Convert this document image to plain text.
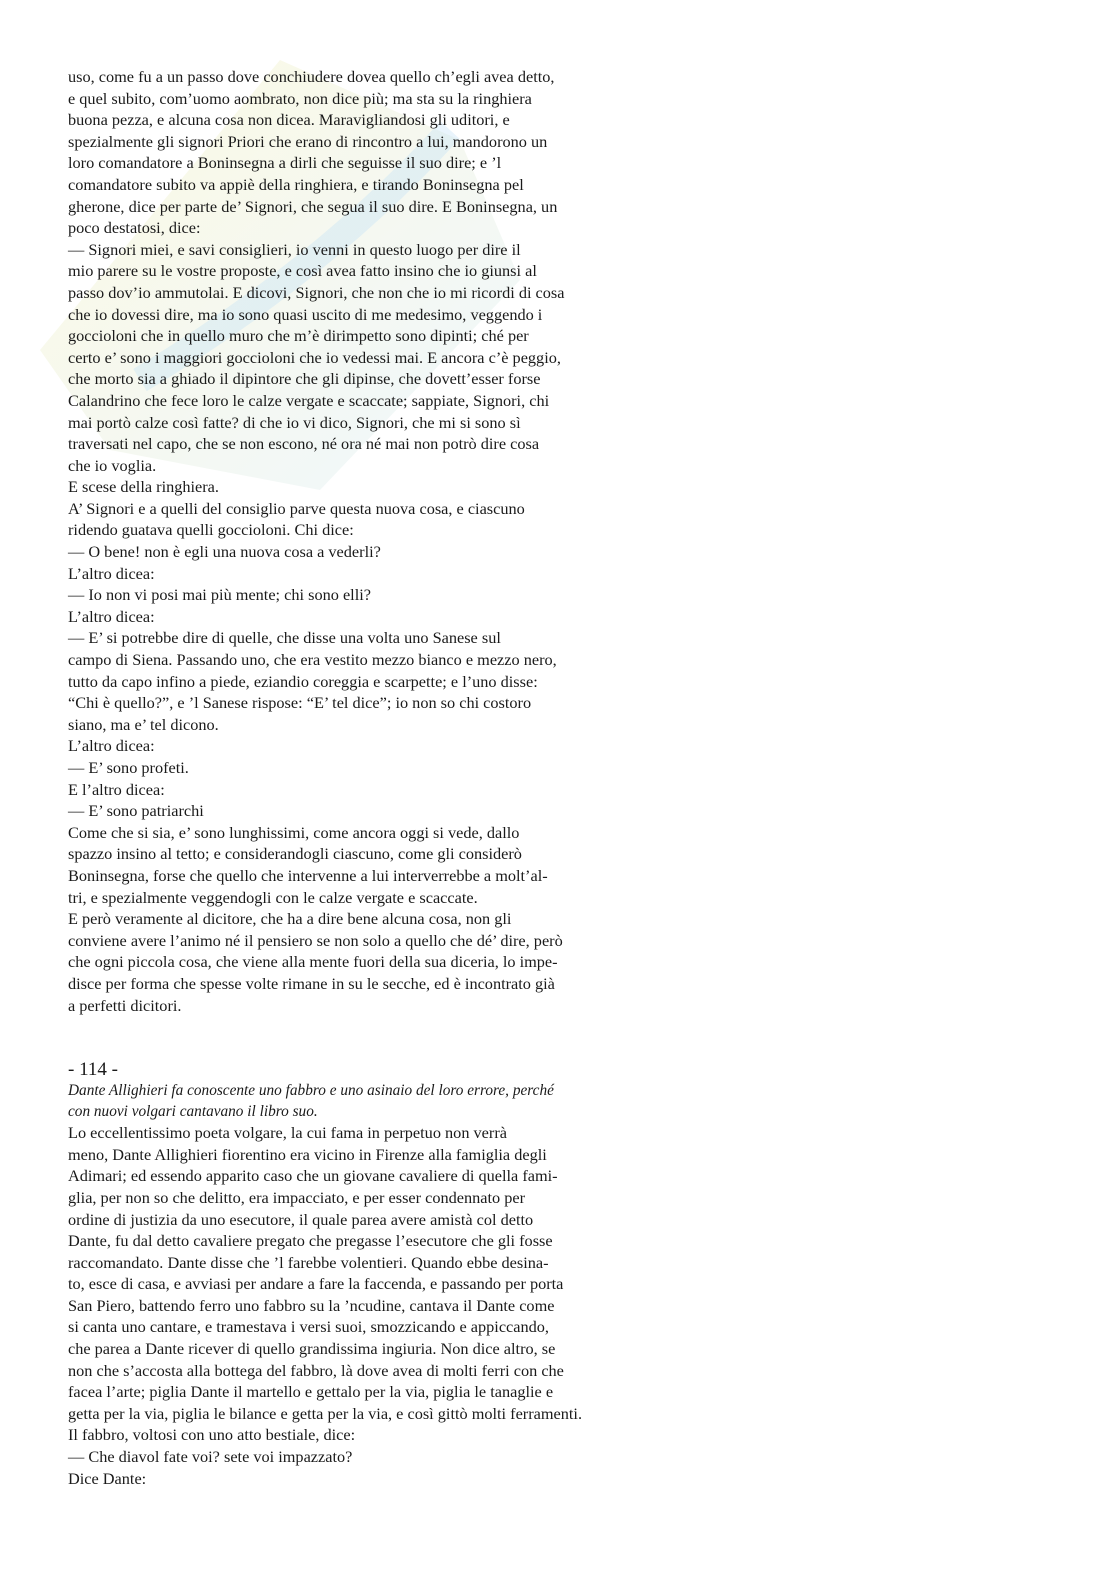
uso, come fu a un passo dove conchiudere dovea quello ch’egli avea detto,
e quel subito, com’uomo aombrato, non dice più; ma sta su la ringhiera
buona pezza, e alcuna cosa non dicea. Maravigliandosi gli uditori, e
spezialmente gli signori Priori che erano di rincontro a lui, mandorono un
loro comandatore a Boninsegna a dirli che seguisse il suo dire; e ’l
comandatore subito va appiè della ringhiera, e tirando Boninsegna pel
gherone, dice per parte de’ Signori, che segua il suo dire. E Boninsegna, un
poco destatosi, dice:
— Signori miei, e savi consiglieri, io venni in questo luogo per dire il
mio parere su le vostre proposte, e così avea fatto insino che io giunsi al
passo dov’io ammutolai. E dicovi, Signori, che non che io mi ricordi di cosa
che io dovessi dire, ma io sono quasi uscito di me medesimo, veggendo i
gocciolonі che in quello muro che m’è dirimpetto sono dipinti; ché per
certo e’ sono i maggiori gocciolonі che io vedessi mai. E ancora c’è peggio,
che morto sia a ghiado il dipintore che gli dipinse, che dovett’esser forse
Calandrino che fece loro le calze vergate e scaccate; sappiate, Signori, chi
mai portò calze così fatte? di che io vi dico, Signori, che mi si sono sì
traversati nel capo, che se non escono, né ora né mai non potrò dire cosa
che io voglia.
E scese della ringhiera.
A’ Signori e a quelli del consiglio parve questa nuova cosa, e ciascuno
ridendo guatava quelli gocciolonі. Chi dice:
— O bene! non è egli una nuova cosa a vederli?
L’altro dicea:
— Io non vi posi mai più mente; chi sono elli?
L’altro dicea:
— E’ si potrebbe dire di quelle, che disse una volta uno Sanese sul
campo di Siena. Passando uno, che era vestito mezzo bianco e mezzo nero,
tutto da capo infino a piede, eziandio coreggia e scarpette; e l’uno disse:
“Chi è quello?”, e ’l Sanese rispose: “E’ tel dice”; io non so chi costoro
siano, ma e’ tel dicono.
L’altro dicea:
— E’ sono profeti.
E l’altro dicea:
— E’ sono patriarchi
Come che si sia, e’ sono lunghissimi, come ancora oggi si vede, dallo
spazzo insino al tetto; e considerandogli ciascuno, come gli considerò
Boninsegna, forse che quello che intervenne a lui interverrebbe a molt’al-
tri, e spezialmente veggendogli con le calze vergate e scaccate.
E però veramente al dicitore, che ha a dire bene alcuna cosa, non gli
conviene avere l’animo né il pensiero se non solo a quello che dé’ dire, però
che ogni piccola cosa, che viene alla mente fuori della sua diceria, lo impe-
disce per forma che spesse volte rimane in su le secche, ed è incontrato già
a perfetti dicitori.
- 114 -
Dante Allighieri fa conoscente uno fabbro e uno asinaio del loro errore, perché
con nuovi volgari cantavano il libro suo.
Lo eccellentissimo poeta volgare, la cui fama in perpetuo non verrà
meno, Dante Allighieri fiorentino era vicino in Firenze alla famiglia degli
Adimari; ed essendo apparito caso che un giovane cavaliere di quella fami-
glia, per non so che delitto, era impacciato, e per esser condennato per
ordine di justizia da uno esecutore, il quale parea avere amistà col detto
Dante, fu dal detto cavaliere pregato che pregasse l’esecutore che gli fosse
raccomandato. Dante disse che ’l farebbe volentieri. Quando ebbe desina-
to, esce di casa, e avviasi per andare a fare la faccenda, e passando per porta
San Piero, battendo ferro uno fabbro su la ’ncudine, cantava il Dante come
si canta uno cantare, e tramestava i versi suoi, smozzicando e appiccando,
che parea a Dante ricever di quello grandissima ingiuria. Non dice altro, se
non che s’accosta alla bottega del fabbro, là dove avea di molti ferri con che
facea l’arte; piglia Dante il martello e gettalo per la via, piglia le tanaglie e
getta per la via, piglia le bilance e getta per la via, e così gittò molti ferramenti.
Il fabbro, voltosi con uno atto bestiale, dice:
— Che diavol fate voi? sete voi impazzato?
Dice Dante:
